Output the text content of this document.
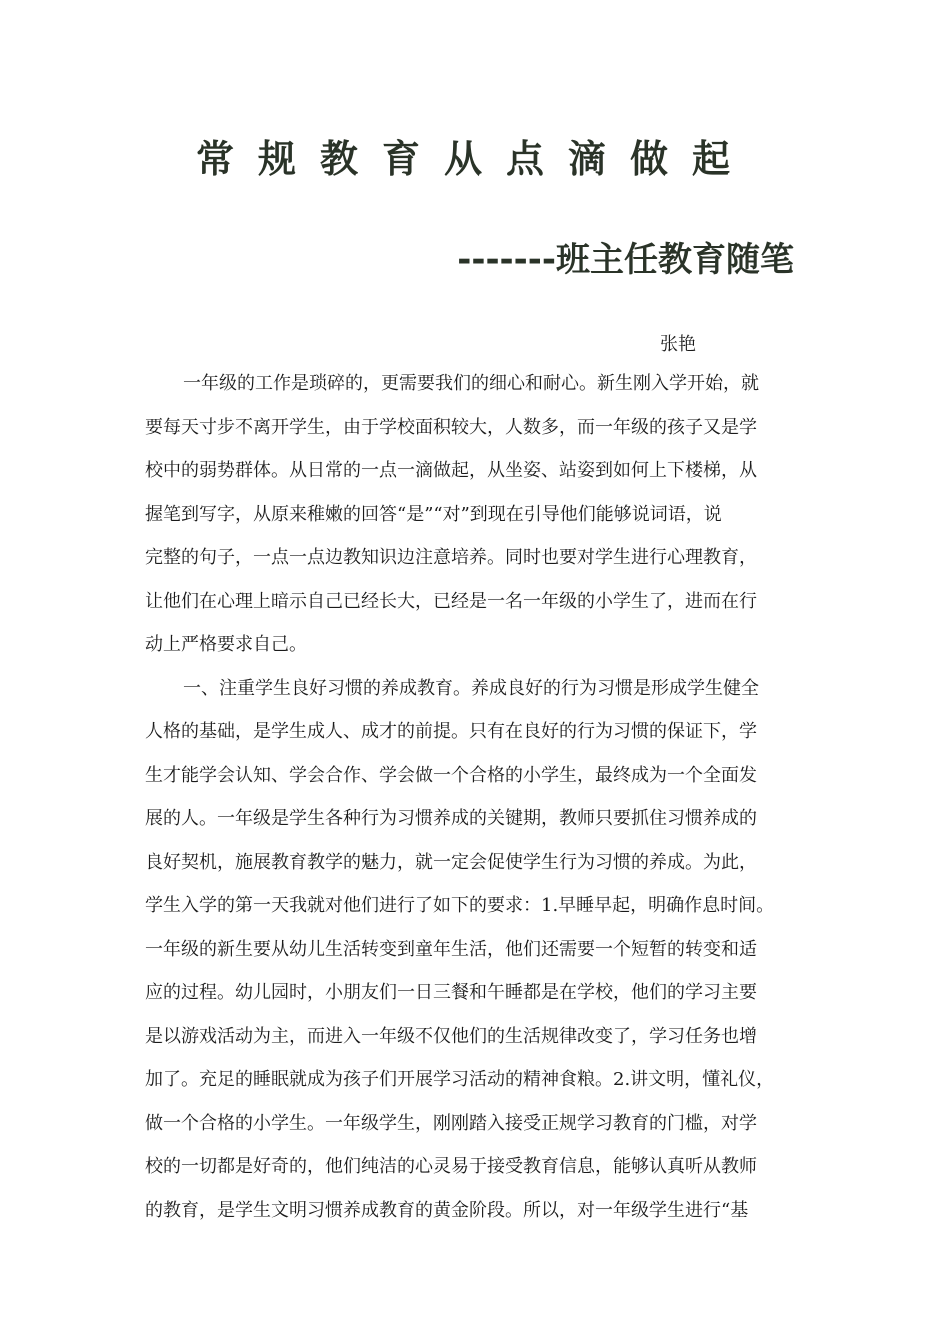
常规教育从点滴做起
-------班主任教育随笔
张艳
一年级的工作是琐碎的，更需要我们的细心和耐心。新生刚入学开始，就
要每天寸步不离开学生，由于学校面积较大，人数多，而一年级的孩子又是学
校中的弱势群体。从日常的一点一滴做起，从坐姿、站姿到如何上下楼梯，从
握笔到写字，从原来稚嫩的回答“是”“对”到现在引导他们能够说词语，说
完整的句子，一点一点边教知识边注意培养。同时也要对学生进行心理教育，
让他们在心理上暗示自己已经长大，已经是一名一年级的小学生了，进而在行
动上严格要求自己。
一、注重学生良好习惯的养成教育。养成良好的行为习惯是形成学生健全
人格的基础，是学生成人、成才的前提。只有在良好的行为习惯的保证下，学
生才能学会认知、学会合作、学会做一个合格的小学生，最终成为一个全面发
展的人。一年级是学生各种行为习惯养成的关键期，教师只要抓住习惯养成的
良好契机，施展教育教学的魅力，就一定会促使学生行为习惯的养成。为此，
学生入学的第一天我就对他们进行了如下的要求：1.早睡早起，明确作息时间。
一年级的新生要从幼儿生活转变到童年生活，他们还需要一个短暂的转变和适
应的过程。幼儿园时，小朋友们一日三餐和午睡都是在学校，他们的学习主要
是以游戏活动为主，而进入一年级不仅他们的生活规律改变了，学习任务也增
加了。充足的睡眠就成为孩子们开展学习活动的精神食粮。2.讲文明，懂礼仪，
做一个合格的小学生。一年级学生，刚刚踏入接受正规学习教育的门槛，对学
校的一切都是好奇的，他们纯洁的心灵易于接受教育信息，能够认真听从教师
的教育，是学生文明习惯养成教育的黄金阶段。所以，对一年级学生进行“基
